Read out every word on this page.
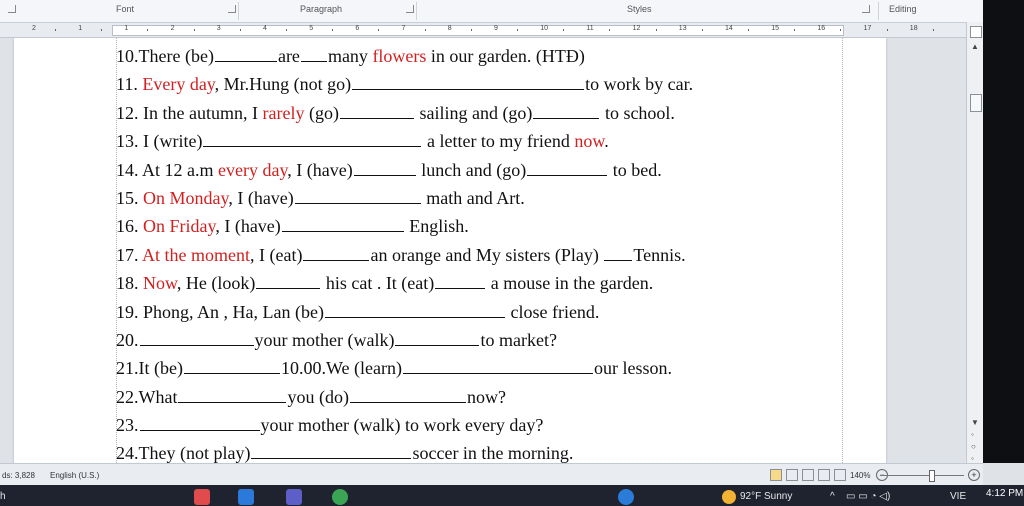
Font	Paragraph	Styles	Editing
2	1	1	2	3	4	5	6	7	8	9	10	11	12	13	14	15	16	17	18
10.There (be)	are many flowers in our garden. (HTĐ)
11. Every day, Mr.Hung (not go)	to work by car.
12. In the autumn, I rarely (go)	sailing and (go)	to school.
13. I (write)	a letter to my friend now.
14. At 12 a.m every day, I (have)	lunch and (go)	to bed.
15. On Monday, I (have)	math and Art.
16. On Friday, I (have)	English.
17. At the moment, I (eat)	an orange and My sisters (Play) Tennis.
18. Now, He (look)	his cat . It (eat)	a mouse in the garden.
19. Phong, An , Ha, Lan (be)	close friend.
20.	your mother (walk)	to market?
21.It (be)	10.00.We (learn)	our lesson.
22.What	you (do)	now?
23.	your mother (walk) to work every day?
24.They (not play)	soccer in the morning.
▲
▼
◦
○
◦
ds: 3,828 English (U.S.)	140%	+
h	92°F Sunny	^ ▭ ▭ ◔ ◁)	VIE 4:12 PM
